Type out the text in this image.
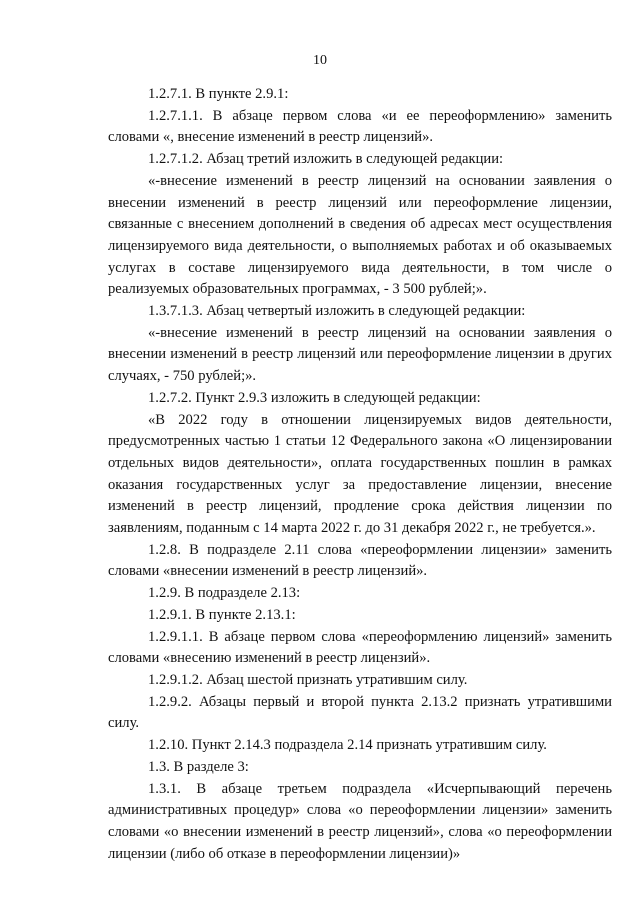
10

1.2.7.1. В пункте 2.9.1:

1.2.7.1.1. В абзаце первом слова «и ее переоформлению» заменить словами «, внесение изменений в реестр лицензий».

1.2.7.1.2. Абзац третий изложить в следующей редакции:

«-внесение изменений в реестр лицензий на основании заявления о внесении изменений в реестр лицензий или переоформление лицензии, связанные с внесением дополнений в сведения об адресах мест осуществления лицензируемого вида деятельности, о выполняемых работах и об оказываемых услугах в составе лицензируемого вида деятельности, в том числе о реализуемых образовательных программах, - 3 500 рублей;».

1.3.7.1.3. Абзац четвертый изложить в следующей редакции:

«-внесение изменений в реестр лицензий на основании заявления о внесении изменений в реестр лицензий или переоформление лицензии в других случаях, - 750 рублей;».

1.2.7.2. Пункт 2.9.3 изложить в следующей редакции:

«В 2022 году в отношении лицензируемых видов деятельности, предусмотренных частью 1 статьи 12 Федерального закона «О лицензировании отдельных видов деятельности», оплата государственных пошлин в рамках оказания государственных услуг за предоставление лицензии, внесение изменений в реестр лицензий, продление срока действия лицензии по заявлениям, поданным с 14 марта 2022 г. до 31 декабря 2022 г., не требуется.».

1.2.8. В подразделе 2.11 слова «переоформлении лицензии» заменить словами «внесении изменений в реестр лицензий».

1.2.9. В подразделе 2.13:

1.2.9.1. В пункте 2.13.1:

1.2.9.1.1. В абзаце первом слова «переоформлению лицензий» заменить словами «внесению изменений в реестр лицензий».

1.2.9.1.2. Абзац шестой признать утратившим силу.

1.2.9.2. Абзацы первый и второй пункта 2.13.2 признать утратившими силу.

1.2.10. Пункт 2.14.3 подраздела 2.14 признать утратившим силу.

1.3. В разделе 3:

1.3.1. В абзаце третьем подраздела «Исчерпывающий перечень административных процедур» слова «о переоформлении лицензии» заменить словами «о внесении изменений в реестр лицензий», слова «о переоформлении лицензии (либо об отказе в переоформлении лицензии)»
